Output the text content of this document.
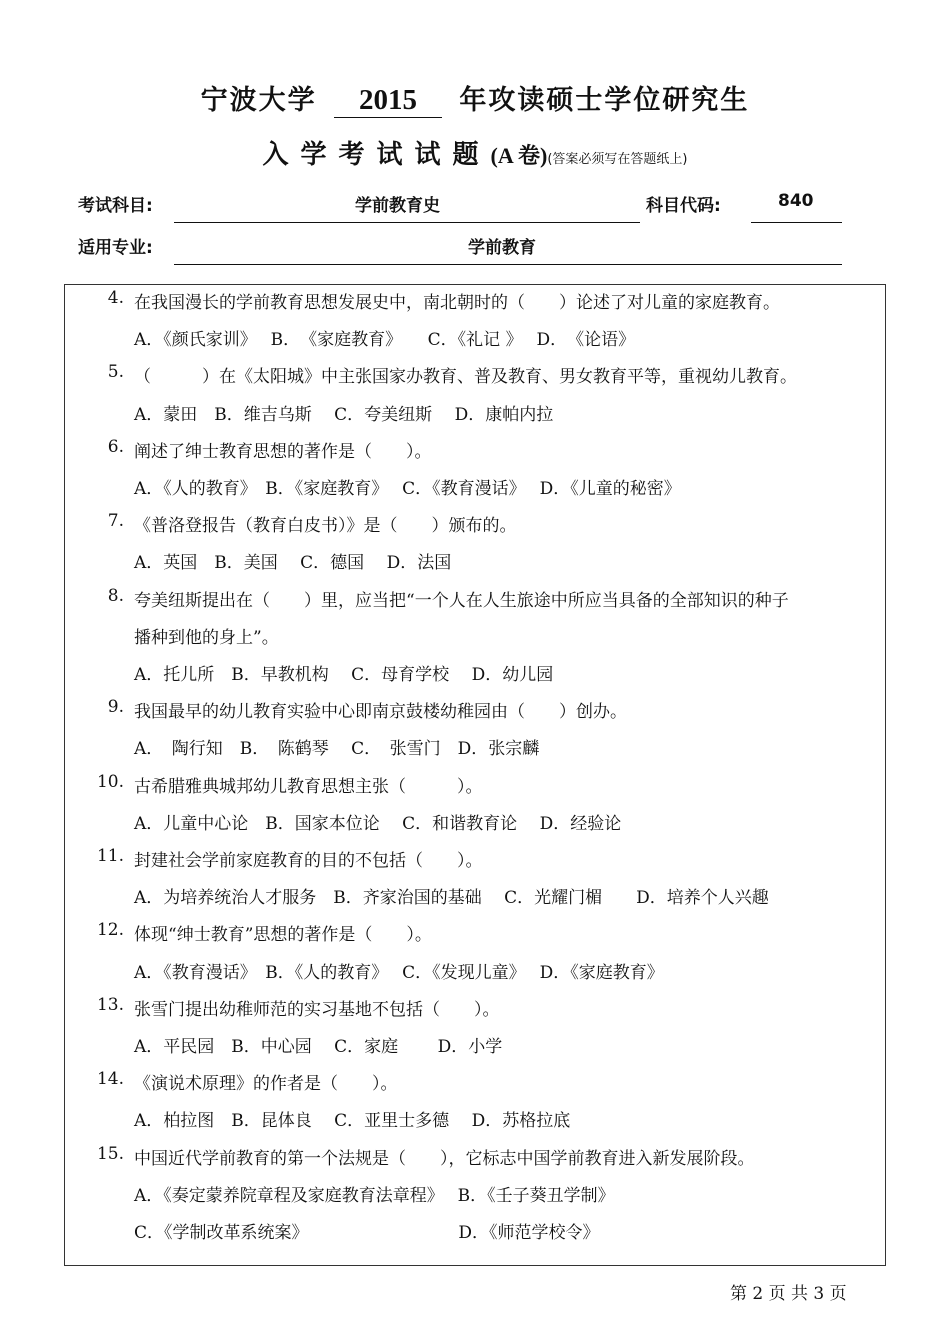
宁波大学 2015 年攻读硕士学位研究生
入学考试试题(A 卷)(答案必须写在答题纸上)
考试科目:	学前教育史	科目代码:	840
适用专业:	学前教育
4. 在我国漫长的学前教育思想发展史中，南北朝时的（　　）论述了对儿童的家庭教育。
A．《颜氏家训》　 B．　《家庭教育》　　C．《礼记 》　 D．　《论语》
5. （　　　）在《太阳城》中主张国家办教育、普及教育、男女教育平等，重视幼儿教育。
A．蒙田　B．维吉乌斯　 C．夸美纽斯　 D．康帕内拉
6. 阐述了绅士教育思想的著作是（　　）。
A．《人的教育》　B．《家庭教育》　 C．《教育漫话》　 D．《儿童的秘密》
7. 《普洛登报告（教育白皮书）》是（　　）颁布的。
A．英国　B．美国　 C．德国　 D．法国
8. 夸美纽斯提出在（　　）里，应当把“一个人在人生旅途中所应当具备的全部知识的种子
播种到他的身上”。
A．托儿所　B．早教机构　 C．母育学校　 D．幼儿园
9. 我国最早的幼儿教育实验中心即南京鼓楼幼稚园由（　　）创办。
A．　陶行知　B．　陈鹤琴　 C．　张雪门　D．张宗麟
10. 古希腊雅典城邦幼儿教育思想主张（　　　）。
A．儿童中心论　B．国家本位论　 C．和谐教育论　 D．经验论
11. 封建社会学前家庭教育的目的不包括（　　）。
A．为培养统治人才服务　B．齐家治国的基础　 C．光耀门楣　　D．培养个人兴趣
12. 体现“绅士教育”思想的著作是（　　）。
A．《教育漫话》　B．《人的教育》　 C．《发现儿童》　 D．《家庭教育》
13. 张雪门提出幼稚师范的实习基地不包括（　　）。
A．平民园　B．中心园　 C．家庭　　 D．小学
14. 《演说术原理》的作者是（　　）。
A．柏拉图　B．昆体良　 C．亚里士多德　 D．苏格拉底
15. 中国近代学前教育的第一个法规是（　　），它标志中国学前教育进入新发展阶段。
A．《奏定蒙养院章程及家庭教育法章程》　 B．《壬子葵丑学制》
C．《学制改革系统案》　　　　　　　　　 D．《师范学校令》
第 2 页 共 3 页
